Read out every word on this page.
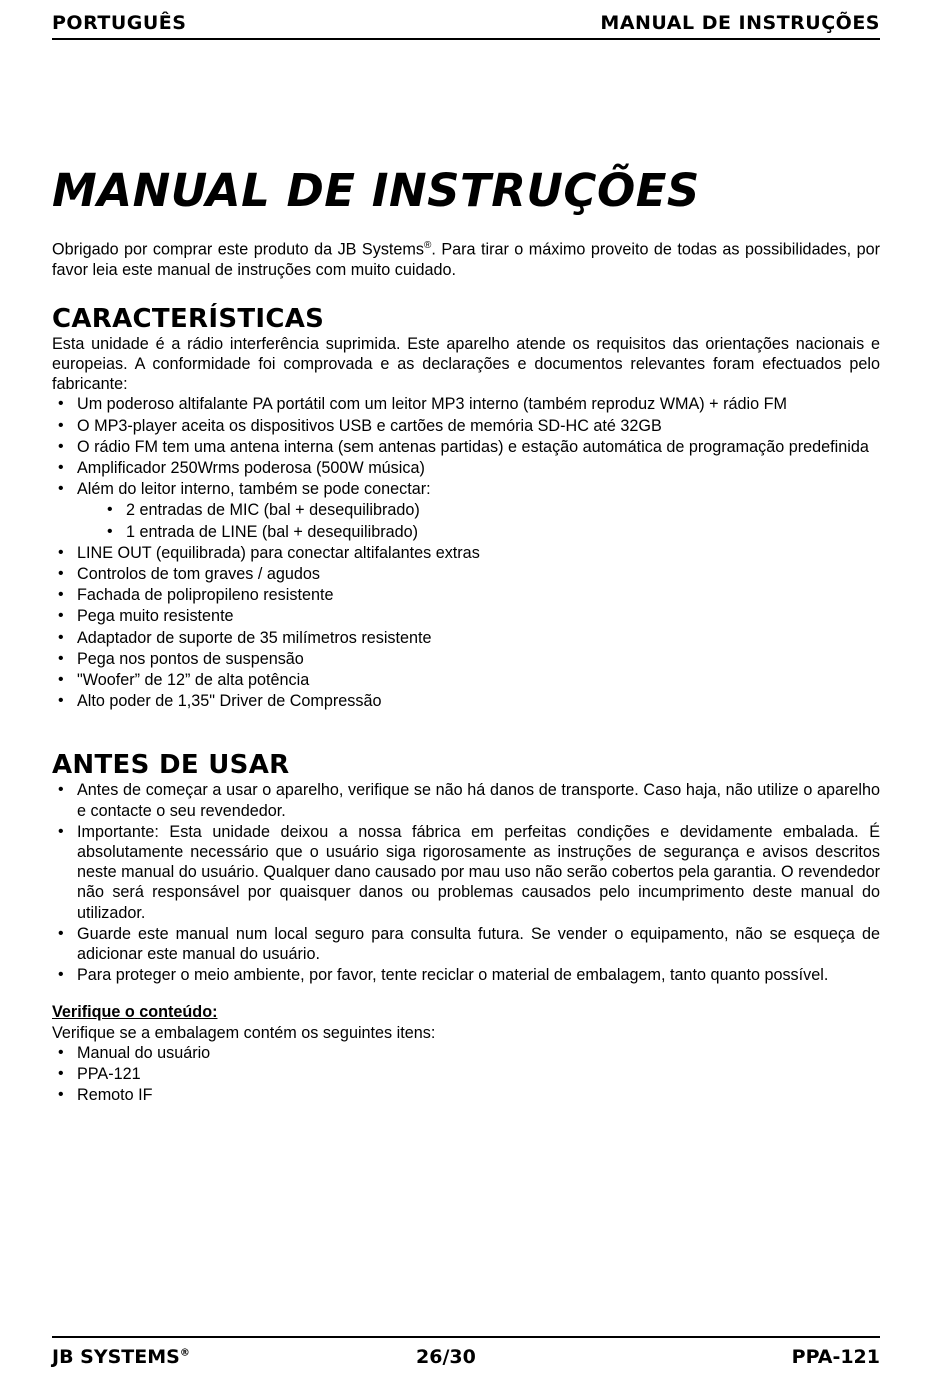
PORTUGUÊS	MANUAL DE INSTRUÇÕES
MANUAL DE INSTRUÇÕES

Obrigado por comprar este produto da JB Systems®. Para tirar o máximo proveito de todas as possibilidades, por favor leia este manual de instruções com muito cuidado.

CARACTERÍSTICAS

Esta unidade é a rádio interferência suprimida. Este aparelho atende os requisitos das orientações nacionais e europeias. A conformidade foi comprovada e as declarações e documentos relevantes foram efectuados pelo fabricante:

• Um poderoso altifalante PA portátil com um leitor MP3 interno (também reproduz WMA) + rádio FM
• O MP3-player aceita os dispositivos USB e cartões de memória SD-HC até 32GB
• O rádio FM tem uma antena interna (sem antenas partidas) e estação automática de programação predefinida
• Amplificador 250Wrms poderosa (500W música)
• Além do leitor interno, também se pode conectar:
• 2 entradas de MIC (bal + desequilibrado)
• 1 entrada de LINE (bal + desequilibrado)
• LINE OUT (equilibrada) para conectar altifalantes extras
• Controlos de tom graves / agudos
• Fachada de polipropileno resistente
• Pega muito resistente
• Adaptador de suporte de 35 milímetros resistente
• Pega nos pontos de suspensão
• "Woofer” de 12” de alta potência
• Alto poder de 1,35" Driver de Compressão
ANTES DE USAR
• Antes de começar a usar o aparelho, verifique se não há danos de transporte. Caso haja, não utilize o aparelho e contacte o seu revendedor.
• Importante: Esta unidade deixou a nossa fábrica em perfeitas condições e devidamente embalada. É absolutamente necessário que o usuário siga rigorosamente as instruções de segurança e avisos descritos neste manual do usuário. Qualquer dano causado por mau uso não serão cobertos pela garantia. O revendedor não será responsável por quaisquer danos ou problemas causados pelo incumprimento deste manual do utilizador.
• Guarde este manual num local seguro para consulta futura. Se vender o equipamento, não se esqueça de adicionar este manual do usuário.
• Para proteger o meio ambiente, por favor, tente reciclar o material de embalagem, tanto quanto possível.
Verifique o conteúdo:

Verifique se a embalagem contém os seguintes itens:

• Manual do usuário
• PPA-121
• Remoto IF
JB SYSTEMS®	26/30	PPA-121
